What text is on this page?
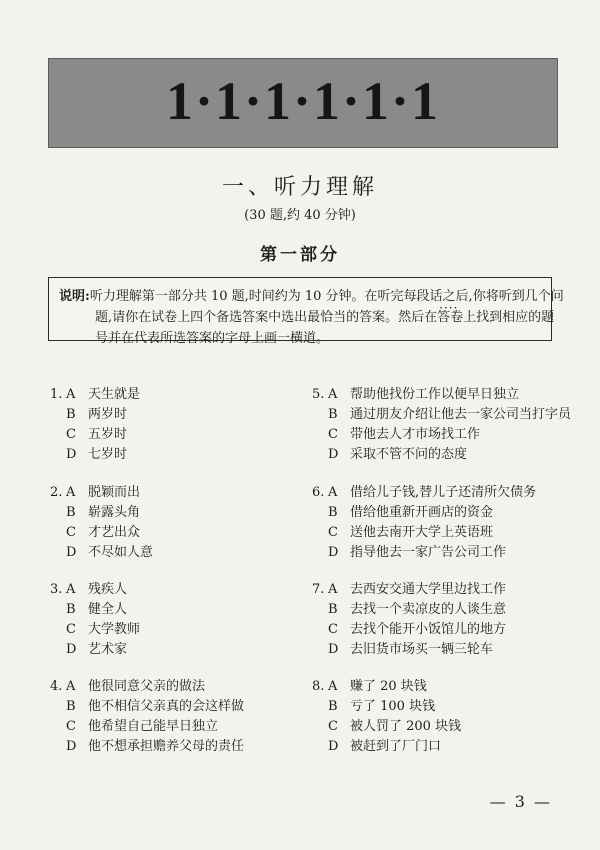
1·1·1·1·1·1
一、听力理解
(30 题,约 40 分钟)
第一部分
说明:听力理解第一部分共 10 题,时间约为 10 分钟。在听完每段话之后,你将听到几个问
题,请你在试卷上四个备选答案中选出最恰当的答案。然后在答卷上 ····找到相应的题
号并在代表所选答案的字母上画一横道。
1. A 天生就是
B 两岁时
C 五岁时
D 七岁时
2. A 脱颖而出
B 崭露头角
C 才艺出众
D 不尽如人意
3. A 残疾人
B 健全人
C 大学教师
D 艺术家
4. A 他很同意父亲的做法
B 他不相信父亲真的会这样做
C 他希望自己能早日独立
D 他不想承担赡养父母的责任
5. A 帮助他找份工作以便早日独立
B 通过朋友介绍让他去一家公司当打字员
C 带他去人才市场找工作
D 采取不管不问的态度
6. A 借给儿子钱,替儿子还清所欠债务
B 借给他重新开画店的资金
C 送他去南开大学上英语班
D 指导他去一家广告公司工作
7. A 去西安交通大学里边找工作
B 去找一个卖凉皮的人谈生意
C 去找个能开小饭馆儿的地方
D 去旧货市场买一辆三轮车
8. A 赚了 20 块钱
B 亏了 100 块钱
C 被人罚了 200 块钱
D 被赶到了厂门口
— 3 —
